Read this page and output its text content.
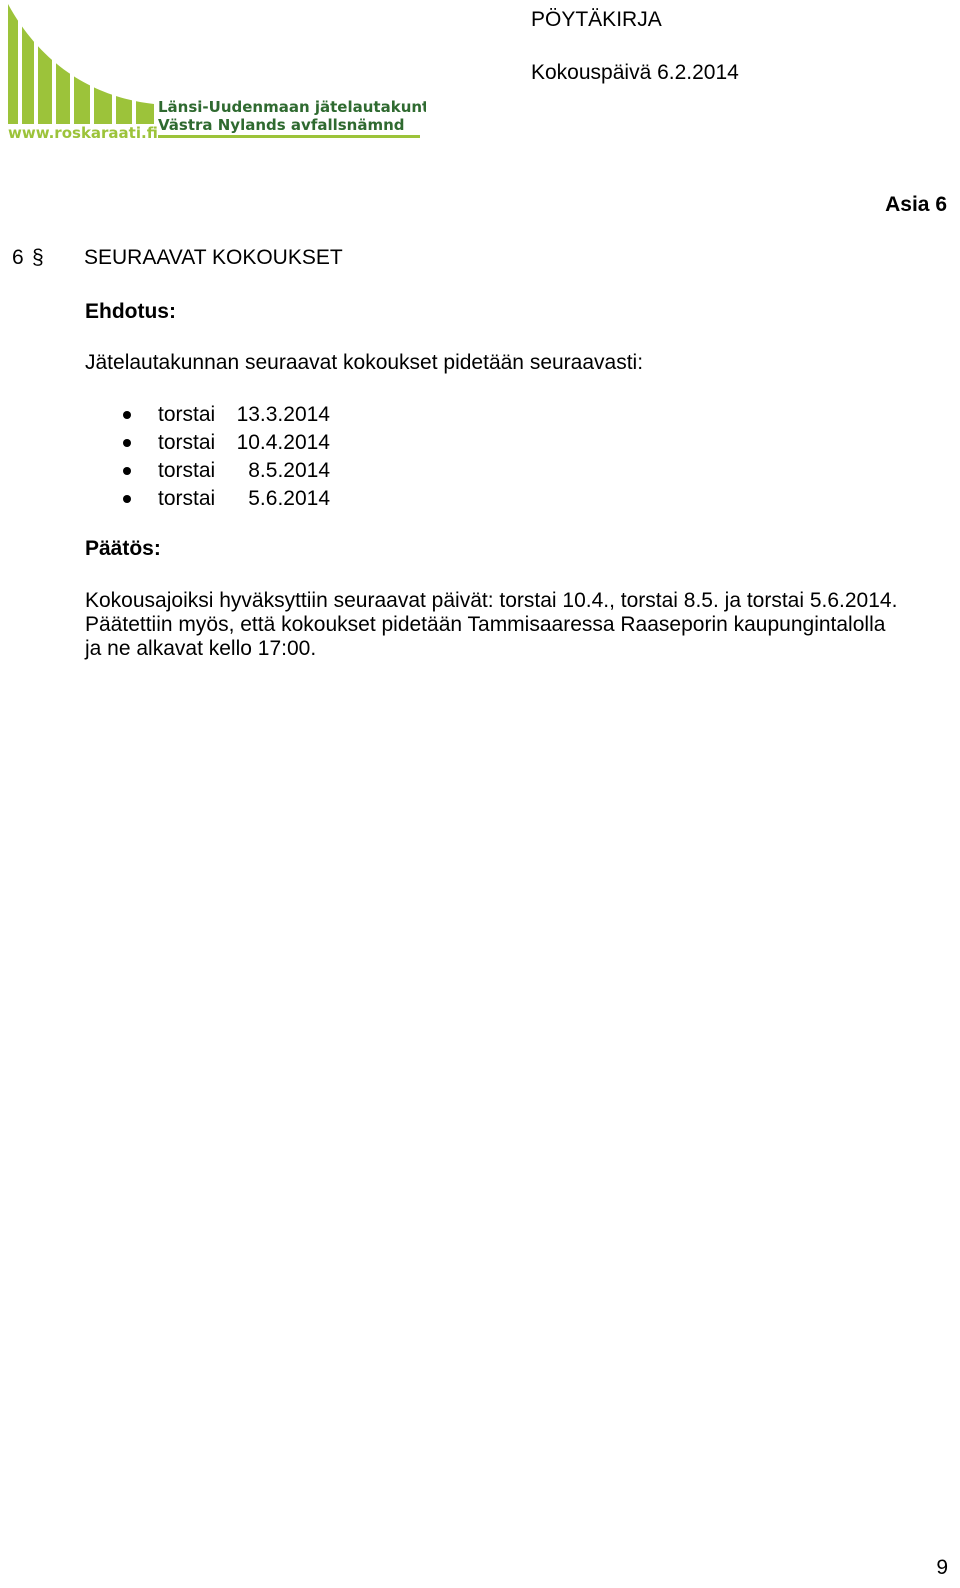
Länsi-Uudenmaan jätelautakunta
Västra Nylands avfallsnämnd
www.roskaraati.fi
PÖYTÄKIRJA
Kokouspäivä 6.2.2014
Asia 6
6 § SEURAAVAT KOKOUKSET
Ehdotus:
Jätelautakunnan seuraavat kokoukset pidetään seuraavasti:
torstai 13.3.2014
torstai 10.4.2014
torstai 8.5.2014
torstai 5.6.2014
Päätös:
Kokousajoiksi hyväksyttiin seuraavat päivät: torstai 10.4., torstai 8.5. ja torstai 5.6.2014.
Päätettiin myös, että kokoukset pidetään Tammisaaressa Raaseporin kaupungintalolla
ja ne alkavat kello 17:00.
9
